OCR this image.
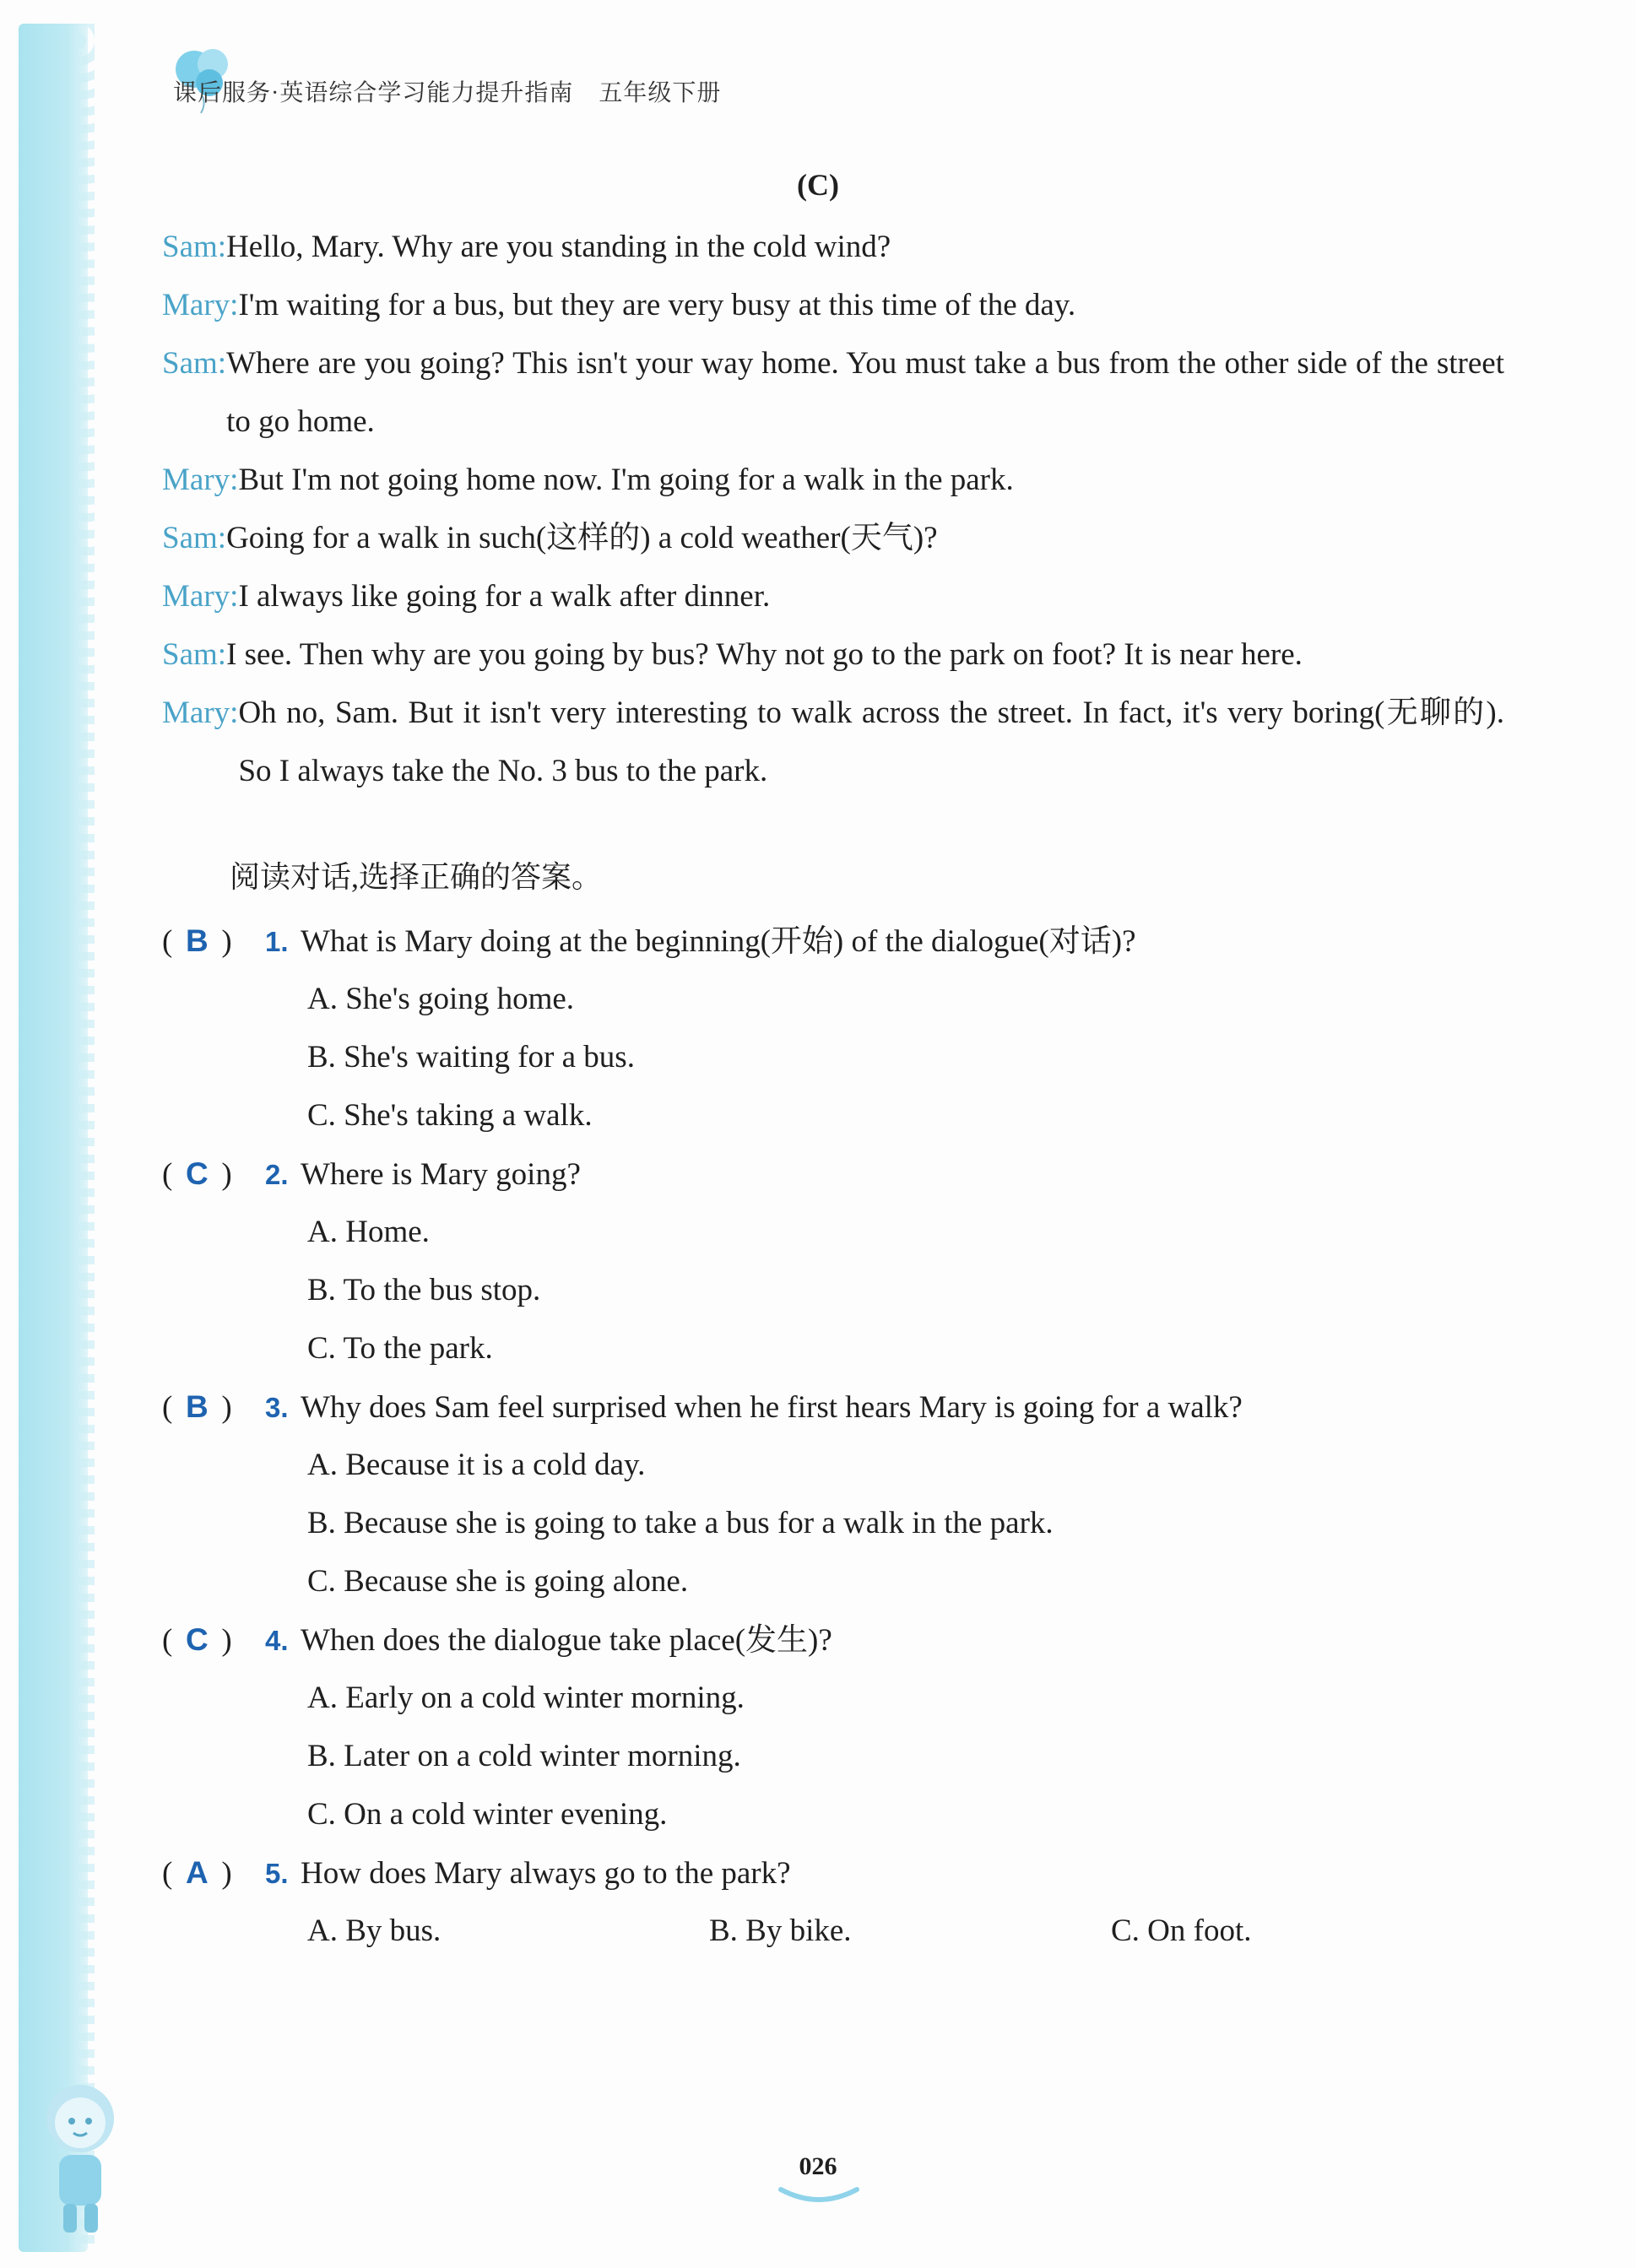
课后服务·英语综合学习能力提升指南 五年级下册
(C)
Sam: Hello, Mary. Why are you standing in the cold wind?
Mary: I'm waiting for a bus, but they are very busy at this time of the day.
Sam: Where are you going? This isn't your way home. You must take a bus from the other side of the street to go home.
Mary: But I'm not going home now. I'm going for a walk in the park.
Sam: Going for a walk in such(这样的) a cold weather(天气)?
Mary: I always like going for a walk after dinner.
Sam: I see. Then why are you going by bus? Why not go to the park on foot? It is near here.
Mary: Oh no, Sam. But it isn't very interesting to walk across the street. In fact, it's very boring(无聊的). So I always take the No. 3 bus to the park.
阅读对话,选择正确的答案。
( B )	1. What is Mary doing at the beginning(开始) of the dialogue(对话)?
A. She's going home.
B. She's waiting for a bus.
C. She's taking a walk.
( C )	2. Where is Mary going?
A. Home.
B. To the bus stop.
C. To the park.
( B )	3. Why does Sam feel surprised when he first hears Mary is going for a walk?
A. Because it is a cold day.
B. Because she is going to take a bus for a walk in the park.
C. Because she is going alone.
( C )	4. When does the dialogue take place(发生)?
A. Early on a cold winter morning.
B. Later on a cold winter morning.
C. On a cold winter evening.
( A )	5. How does Mary always go to the park?
A. By bus.	B. By bike.	C. On foot.
026
